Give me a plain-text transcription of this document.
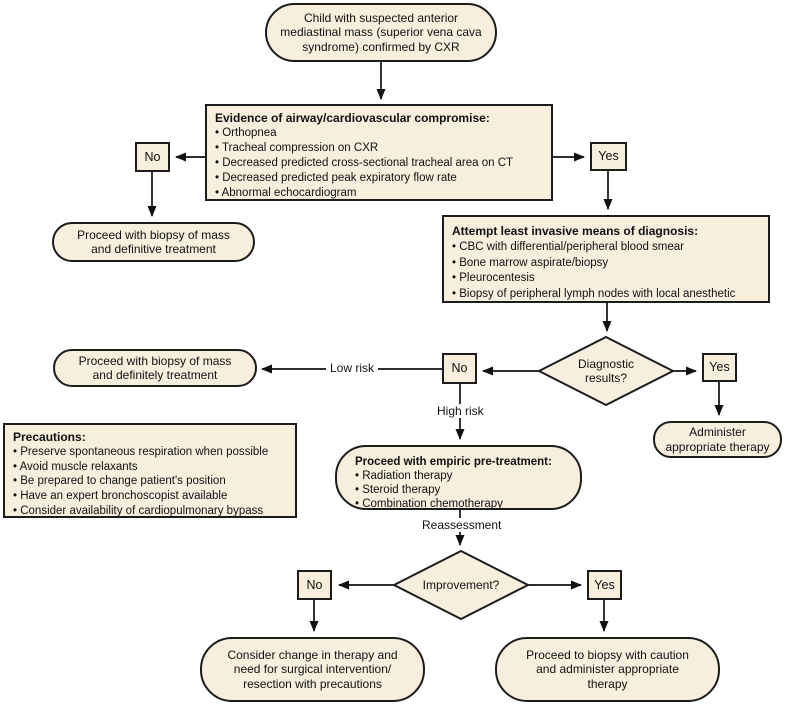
Child with suspected anterior
mediastinal mass (superior vena cava
syndrome) confirmed by CXR
Evidence of airway/cardiovascular compromise:
• Orthopnea
• Tracheal compression on CXR
• Decreased predicted cross-sectional tracheal area on CT
• Decreased predicted peak expiratory flow rate
• Abnormal echocardiogram
No	Yes
Proceed with biopsy of mass
and definitive treatment
Attempt least invasive means of diagnosis:
• CBC with differential/peripheral blood smear
• Bone marrow aspirate/biopsy
• Pleurocentesis
• Biopsy of peripheral lymph nodes with local anesthetic
Diagnostic
results?
No	Yes
Low risk
High risk
Reassessment
Proceed with biopsy of mass
and definitely treatment
Administer
appropriate therapy
Precautions:
• Preserve spontaneous respiration when possible
• Avoid muscle relaxants
• Be prepared to change patient's position
• Have an expert bronchoscopist available
• Consider availability of cardiopulmonary bypass
Proceed with empiric pre-treatment:
• Radiation therapy
• Steroid therapy
• Combination chemotherapy
Improvement?
No	Yes
Consider change in therapy and
need for surgical intervention/
resection with precautions
Proceed to biopsy with caution
and administer appropriate
therapy
